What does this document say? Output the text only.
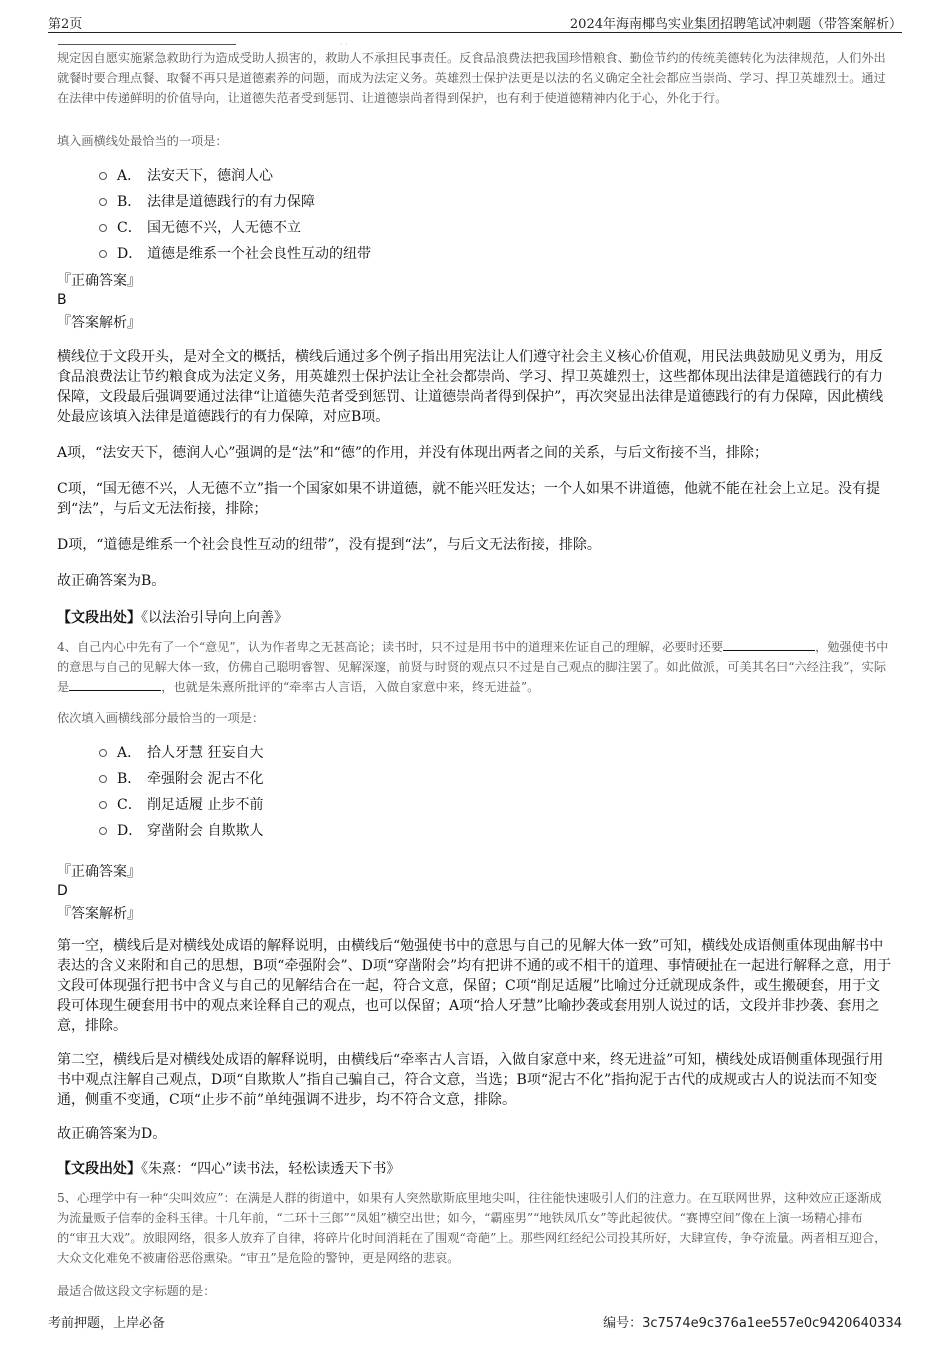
第2页	2024年海南椰鸟实业集团招聘笔试冲刺题（带答案解析）
· ·

规定因自愿实施紧急救助行为造成受助人损害的，救助人不承担民事责任。反食品浪费法把我国珍惜粮食、勤俭节约的传统美德转化为法律规范，人们外出就餐时要合理点餐、取餐不再只是道德素养的问题，而成为法定义务。英雄烈士保护法更是以法的名义确定全社会都应当崇尚、学习、捍卫英雄烈士。通过在法律中传递鲜明的价值导向，让道德失范者受到惩罚、让道德崇尚者得到保护，也有利于使道德精神内化于心，外化于行。

填入画横线处最恰当的一项是：

A． 法安天下，德润人心
B． 法律是道德践行的有力保障
C． 国无德不兴，人无德不立
D． 道德是维系一个社会良性互动的纽带

『正确答案』

B

『答案解析』

横线位于文段开头，是对全文的概括，横线后通过多个例子指出用宪法让人们遵守社会主义核心价值观，用民法典鼓励见义勇为，用反食品浪费法让节约粮食成为法定义务，用英雄烈士保护法让全社会都崇尚、学习、捍卫英雄烈士，这些都体现出法律是道德践行的有力保障，文段最后强调要通过法律“让道德失范者受到惩罚、让道德崇尚者得到保护”，再次突显出法律是道德践行的有力保障，因此横线处最应该填入法律是道德践行的有力保障，对应B项。

A项，“法安天下，德润人心”强调的是“法”和“德”的作用，并没有体现出两者之间的关系，与后文衔接不当，排除；

C项，“国无德不兴，人无德不立”指一个国家如果不讲道德，就不能兴旺发达；一个人如果不讲道德，他就不能在社会上立足。没有提到“法”，与后文无法衔接，排除；

D项，“道德是维系一个社会良性互动的纽带”，没有提到“法”，与后文无法衔接，排除。

故正确答案为B。

【文段出处】《以法治引导向上向善》

4、自己内心中先有了一个“意见”，认为作者卑之无甚高论；读书时，只不过是用书中的道理来佐证自己的理解，必要时还要	，勉强使书中的意思与自己的见解大体一致，仿佛自己聪明睿智、见解深邃，前贤与时贤的观点只不过是自己观点的脚注罢了。如此做派，可美其名曰“六经注我”，实际是	，也就是朱熹所批评的“牵率古人言语，入做自家意中来，终无进益”。

依次填入画横线部分最恰当的一项是：

A． 拾人牙慧 狂妄自大
B． 牵强附会 泥古不化
C． 削足适履 止步不前
D． 穿凿附会 自欺欺人

『正确答案』

D

『答案解析』

第一空，横线后是对横线处成语的解释说明，由横线后“勉强使书中的意思与自己的见解大体一致”可知，横线处成语侧重体现曲解书中表达的含义来附和自己的思想，B项“牵强附会”、D项“穿凿附会”均有把讲不通的或不相干的道理、事情硬扯在一起进行解释之意，用于文段可体现强行把书中含义与自己的见解结合在一起，符合文意，保留；C项“削足适履”比喻过分迁就现成条件，或生搬硬套，用于文段可体现生硬套用书中的观点来诠释自己的观点，也可以保留；A项“拾人牙慧”比喻抄袭或套用别人说过的话，文段并非抄袭、套用之意，排除。

第二空，横线后是对横线处成语的解释说明，由横线后“牵率古人言语，入做自家意中来，终无进益”可知，横线处成语侧重体现强行用书中观点注解自己观点，D项“自欺欺人”指自己骗自己，符合文意，当选；B项“泥古不化”指拘泥于古代的成规或古人的说法而不知变通，侧重不变通，C项“止步不前”单纯强调不进步，均不符合文意，排除。

故正确答案为D。

【文段出处】《朱熹：“四心”读书法，轻松读透天下书》

5、心理学中有一种“尖叫效应”：在满是人群的街道中，如果有人突然歇斯底里地尖叫，往往能快速吸引人们的注意力。在互联网世界，这种效应正逐渐成为流量贩子信奉的金科玉律。十几年前，“二环十三郎”“凤姐”横空出世；如今，“霸座男”“地铁凤爪女”等此起彼伏。“赛博空间”像在上演一场精心排布的“审丑大戏”。放眼网络，很多人放弃了自律，将碎片化时间消耗在了围观“奇葩”上。那些网红经纪公司投其所好，大肆宣传，争夺流量。两者相互迎合，大众文化难免不被庸俗恶俗熏染。“审丑”是危险的警钟，更是网络的悲哀。

最适合做这段文字标题的是：

考前押题，上岸必备	编号：3c7574e9c376a1ee557e0c9420640334
